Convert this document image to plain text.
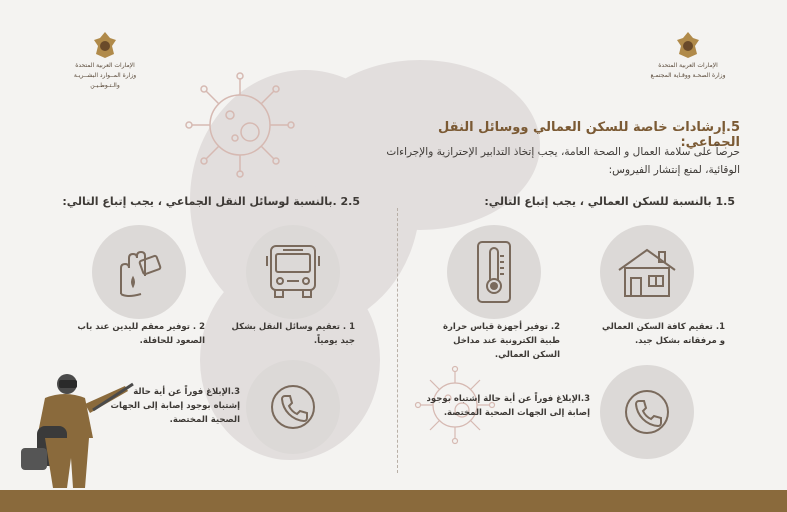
الإمارات العربية المتحدة
وزارة المــوارد البشــريـة
والـتـوطـيـن
الإمارات العربية المتحدة
وزارة الصحـة ووقـاية المجتمـع
5.إرشادات خاصة للسكن العمالي ووسائل النقل الجماعي:
حرصاً على سلامة العمال و الصحة العامة، يجب إتخاذ التدابير الإحترازية والإجراءات الوقائية، لمنع إنتشار الفيروس:
1.5 بالنسبة للسكن العمالي ، يجب إتباع التالي:
2.5 .بالنسبة لوسائل النقل الجماعي ، يجب إتباع التالي:
1. تعقيم كافة السكن العمالي و مرفقاته بشكل جيد.
2. توفير أجهزة قياس حرارة طبية الكترونية عند مداخل السكن العمالي.
3.الإبلاغ فوراً عن أية حالة إشتباه بوجود إصابة إلى الجهات الصحية المختصة.
1 . تعقيم وسائل النقل بشكل جيد يومياً.
2 . توفير معقم لليدين عند باب الصعود للحافلة.
3.الإبلاغ فوراً عن أية حالة إشتباه بوجود إصابة إلى الجهات الصحية المختصة.
